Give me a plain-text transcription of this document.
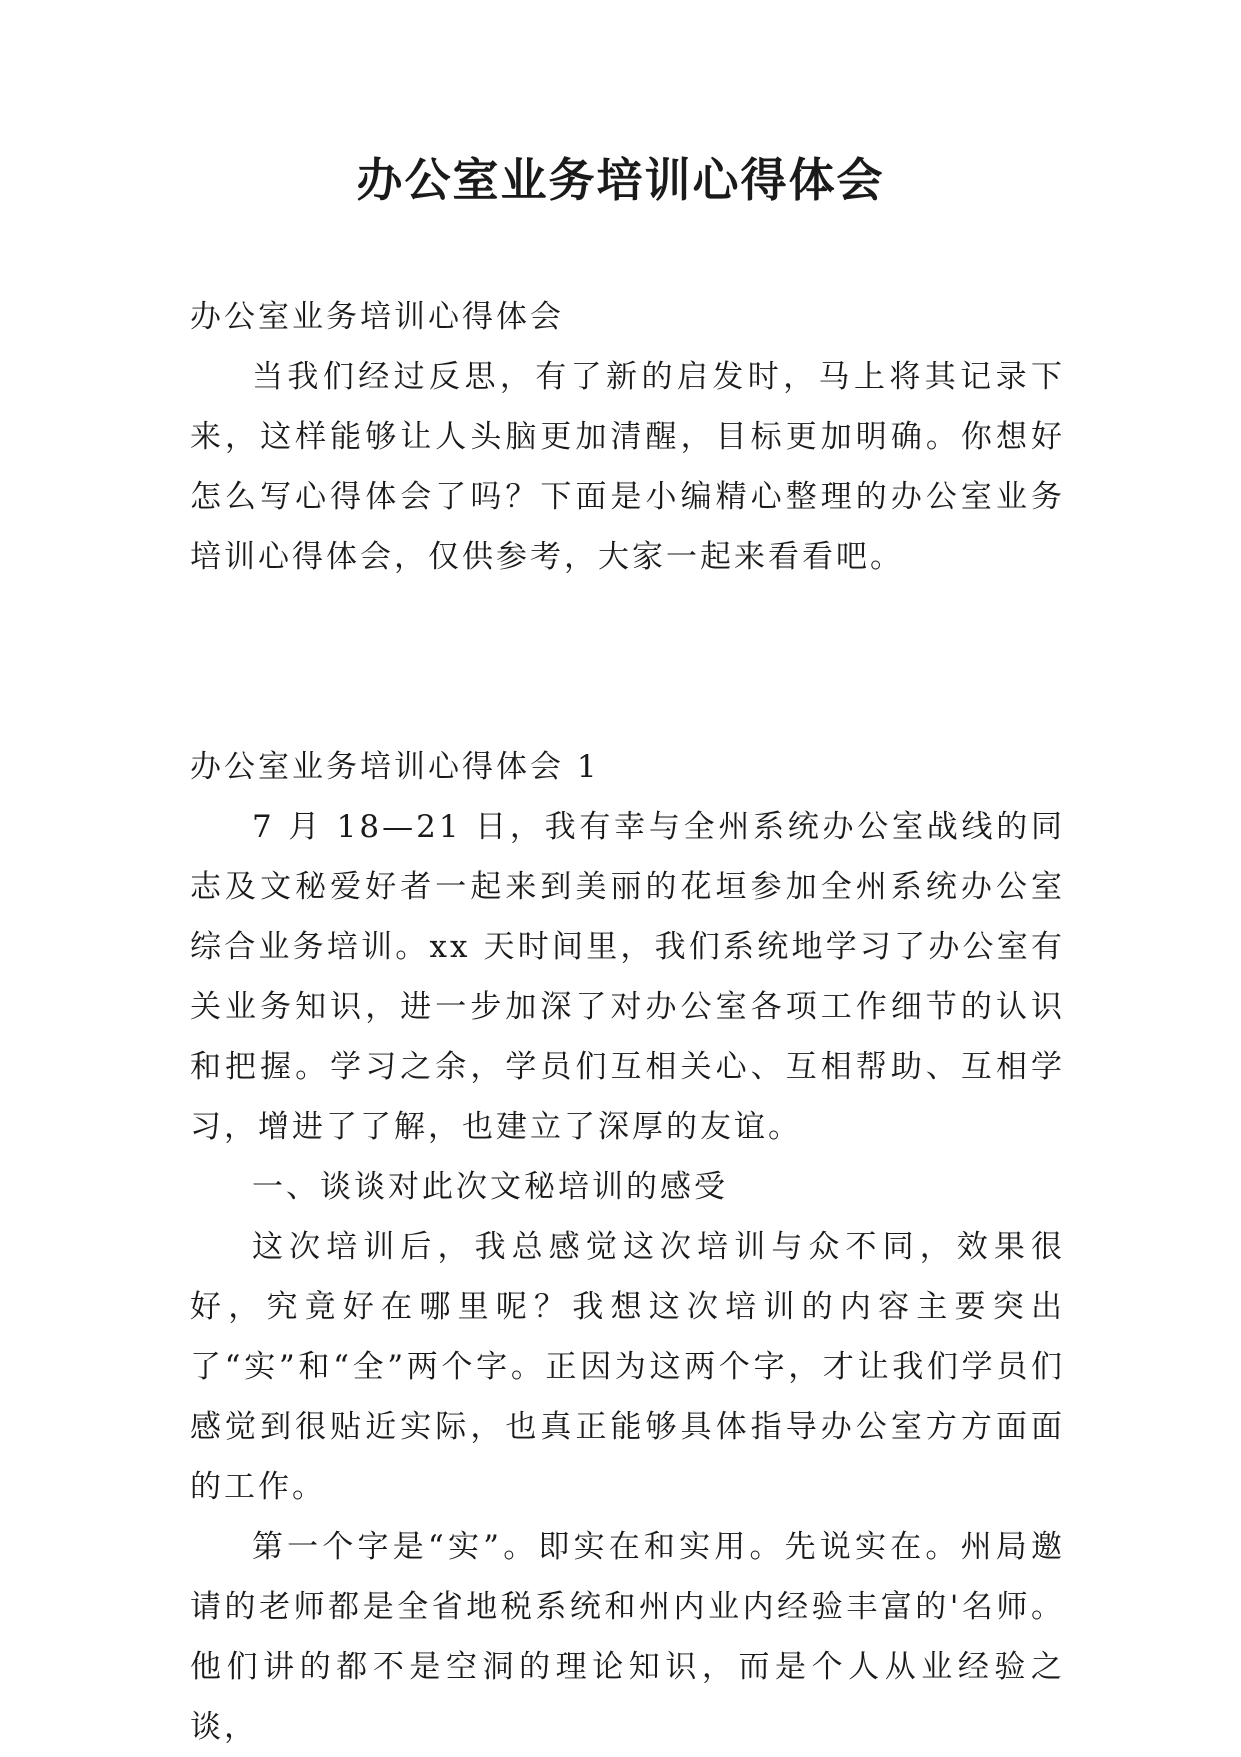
办公室业务培训心得体会

办公室业务培训心得体会

当我们经过反思，有了新的启发时，马上将其记录下来，这样能够让人头脑更加清醒，目标更加明确。你想好怎么写心得体会了吗？下面是小编精心整理的办公室业务培训心得体会，仅供参考，大家一起来看看吧。

办公室业务培训心得体会 1

7 月 18—21 日，我有幸与全州系统办公室战线的同志及文秘爱好者一起来到美丽的花垣参加全州系统办公室综合业务培训。xx 天时间里，我们系统地学习了办公室有关业务知识，进一步加深了对办公室各项工作细节的认识和把握。学习之余，学员们互相关心、互相帮助、互相学习，增进了了解，也建立了深厚的友谊。

一、谈谈对此次文秘培训的感受

这次培训后，我总感觉这次培训与众不同，效果很好，究竟好在哪里呢？我想这次培训的内容主要突出了“实”和“全”两个字。正因为这两个字，才让我们学员们感觉到很贴近实际，也真正能够具体指导办公室方方面面的工作。

第一个字是“实”。即实在和实用。先说实在。州局邀请的老师都是全省地税系统和州内业内经验丰富的'名师。他们讲的都不是空洞的理论知识，而是个人从业经验之谈，
